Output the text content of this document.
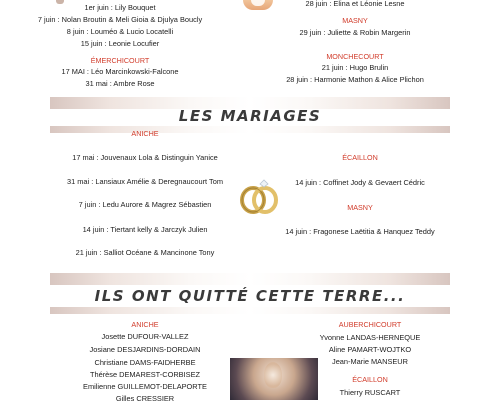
1er juin : Lily Bouquet
7 juin : Nolan Broutin & Meli Gioia & Djulya Boucly
8 juin : Louméo & Lucio Locatelli
15 juin : Leonie Locufier
ÉMERCHICOURT
17 MAI : Léo Marcinkowski-Falcone
31 mai : Ambre Rose
28 juin : Elina et Léonie Lesne
MASNY
29 juin : Juliette & Robin Margerin
MONCHECOURT
21 juin : Hugo Brulin
28 juin : Harmonie Mathon & Alice Plichon
LES MARIAGES
ANICHE
17 mai : Jouvenaux Lola & Distinguin Yanice
31 mai : Lansiaux Amélie & Deregnaucourt Tom
7 juin : Ledu Aurore & Magrez Sébastien
14 juin : Tiertant kelly & Jarczyk Julien
21 juin : Salliot Océane & Mancinone Tony
ÉCAILLON
14 juin : Coffinet Jody & Gevaert Cédric
MASNY
14 juin : Fragonese Laëtitia & Hanquez Teddy
ILS ONT QUITTÉ CETTE TERRE...
ANICHE
Josette DUFOUR-VALLEZ
Josiane DESJARDINS-DORDAIN
Christiane DAMS-FAIDHERBE
Thérèse DEMAREST-CORBISEZ
Emilienne GUILLEMOT-DELAPORTE
Gilles CRESSIER
AUBERCHICOURT
Yvonne LANDAS-HERNEQUE
Aline PAMART-WOJTKO
Jean-Marie MANSEUR
ÉCAILLON
Thierry RUSCART
